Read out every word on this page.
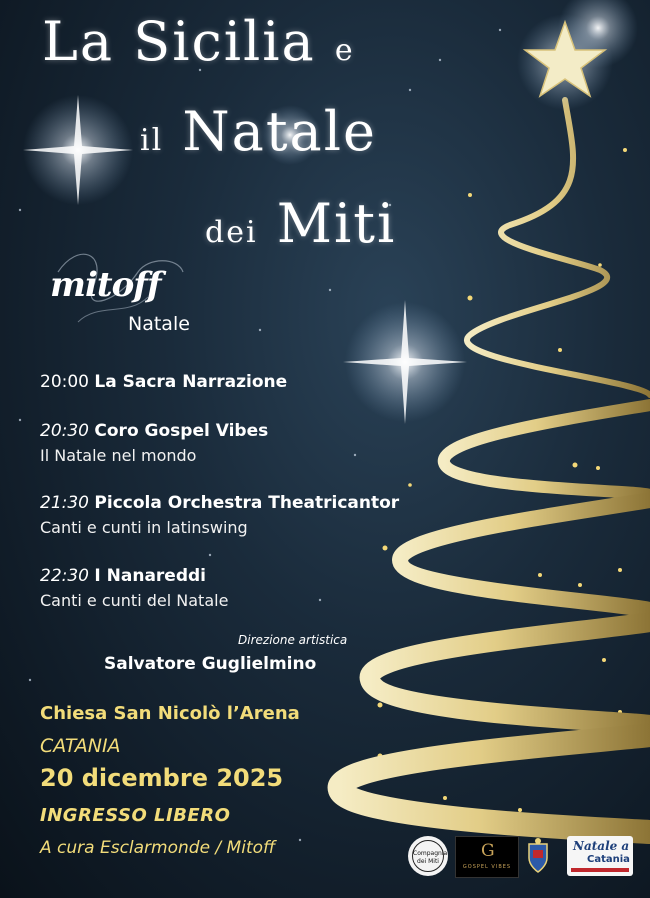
La Sicilia e
il Natale
dei Miti
mitoff
Natale
20:00 La Sacra Narrazione
20:30 Coro Gospel Vibes
Il Natale nel mondo
21:30 Piccola Orchestra Theatricantor
Canti e cunti in latinswing
22:30 I Nanareddi
Canti e cunti del Natale
Direzione artistica
Salvatore Guglielmino
Chiesa San Nicolò l’Arena
CATANIA
20 dicembre 2025
INGRESSO LIBERO
A cura Esclarmonde / Mitoff	Compagnia dei Miti
G
GOSPEL VIBES
Natale a
Catania
